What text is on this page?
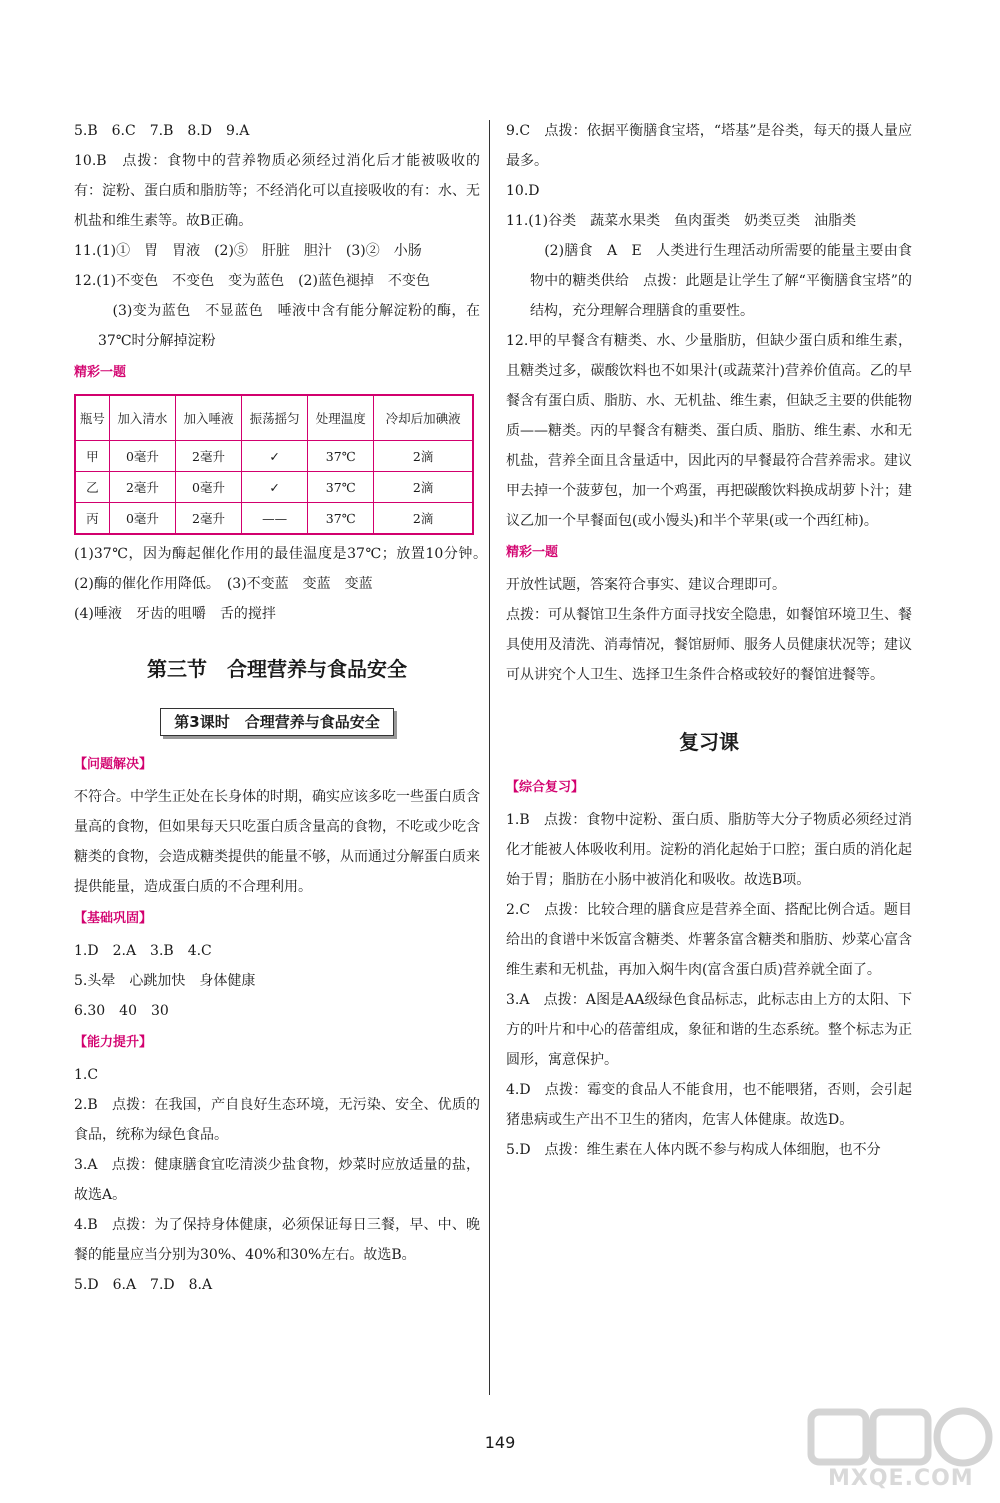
5.B　6.C　7.B　8.D　9.A

10.B　点拨：食物中的营养物质必须经过消化后才能被吸收的有：淀粉、蛋白质和脂肪等；不经消化可以直接吸收的有：水、无机盐和维生素等。故B正确。

11.(1)①　胃　胃液　(2)⑤　肝脏　胆汁　(3)②　小肠

12.(1)不变色　不变色　变为蓝色　(2)蓝色褪掉　不变色

　(3)变为蓝色　不显蓝色　唾液中含有能分解淀粉的酶，在37℃时分解掉淀粉

精彩一题
瓶号	加入清水	加入唾液	振荡摇匀	处理温度	冷却后加碘液
甲	0毫升	2毫升	✓	37℃	2滴
乙	2毫升	0毫升	✓	37℃	2滴
丙	0毫升	2毫升	——	37℃	2滴

(1)37℃，因为酶起催化作用的最佳温度是37℃；放置10分钟。　(2)酶的催化作用降低。　(3)不变蓝　变蓝　变蓝

(4)唾液　牙齿的咀嚼　舌的搅拌

第三节　合理营养与食品安全
第3课时　合理营养与食品安全
【问题解决】

不符合。中学生正处在长身体的时期，确实应该多吃一些蛋白质含量高的食物，但如果每天只吃蛋白质含量高的食物，不吃或少吃含糖类的食物，会造成糖类提供的能量不够，从而通过分解蛋白质来提供能量，造成蛋白质的不合理利用。

【基础巩固】

1.D　2.A　3.B　4.C

5.头晕　心跳加快　身体健康

6.30　40　30

【能力提升】

1.C

2.B　点拨：在我国，产自良好生态环境，无污染、安全、优质的食品，统称为绿色食品。

3.A　点拨：健康膳食宜吃清淡少盐食物，炒菜时应放适量的盐，故选A。

4.B　点拨：为了保持身体健康，必须保证每日三餐，早、中、晚餐的能量应当分别为30%、40%和30%左右。故选B。

5.D　6.A　7.D　8.A

9.C　点拨：依据平衡膳食宝塔，“塔基”是谷类，每天的摄人量应最多。

10.D

11.(1)谷类　蔬菜水果类　鱼肉蛋类　奶类豆类　油脂类

　(2)膳食　A　E　人类进行生理活动所需要的能量主要由食物中的糖类供给　点拨：此题是让学生了解“平衡膳食宝塔”的结构，充分理解合理膳食的重要性。

12.甲的早餐含有糖类、水、少量脂肪，但缺少蛋白质和维生素，且糖类过多，碳酸饮料也不如果汁(或蔬菜汁)营养价值高。乙的早餐含有蛋白质、脂肪、水、无机盐、维生素，但缺乏主要的供能物质——糖类。丙的早餐含有糖类、蛋白质、脂肪、维生素、水和无机盐，营养全面且含量适中，因此丙的早餐最符合营养需求。建议甲去掉一个菠萝包，加一个鸡蛋，再把碳酸饮料换成胡萝卜汁；建议乙加一个早餐面包(或小馒头)和半个苹果(或一个西红柿)。

精彩一题

开放性试题，答案符合事实、建议合理即可。

点拨：可从餐馆卫生条件方面寻找安全隐患，如餐馆环境卫生、餐具使用及清洗、消毒情况，餐馆厨师、服务人员健康状况等；建议可从讲究个人卫生、选择卫生条件合格或较好的餐馆进餐等。

复习课
【综合复习】

1.B　点拨：食物中淀粉、蛋白质、脂肪等大分子物质必须经过消化才能被人体吸收利用。淀粉的消化起始于口腔；蛋白质的消化起始于胃；脂肪在小肠中被消化和吸收。故选B项。

2.C　点拨：比较合理的膳食应是营养全面、搭配比例合适。题目给出的食谱中米饭富含糖类、炸薯条富含糖类和脂肪、炒菜心富含维生素和无机盐，再加入焖牛肉(富含蛋白质)营养就全面了。

3.A　点拨：A图是AA级绿色食品标志，此标志由上方的太阳、下方的叶片和中心的蓓蕾组成，象征和谐的生态系统。整个标志为正圆形，寓意保护。

4.D　点拨：霉变的食品人不能食用，也不能喂猪，否则，会引起猪患病或生产出不卫生的猪肉，危害人体健康。故选D。

5.D　点拨：维生素在人体内既不参与构成人体细胞，也不分

149
MXQE.COM
